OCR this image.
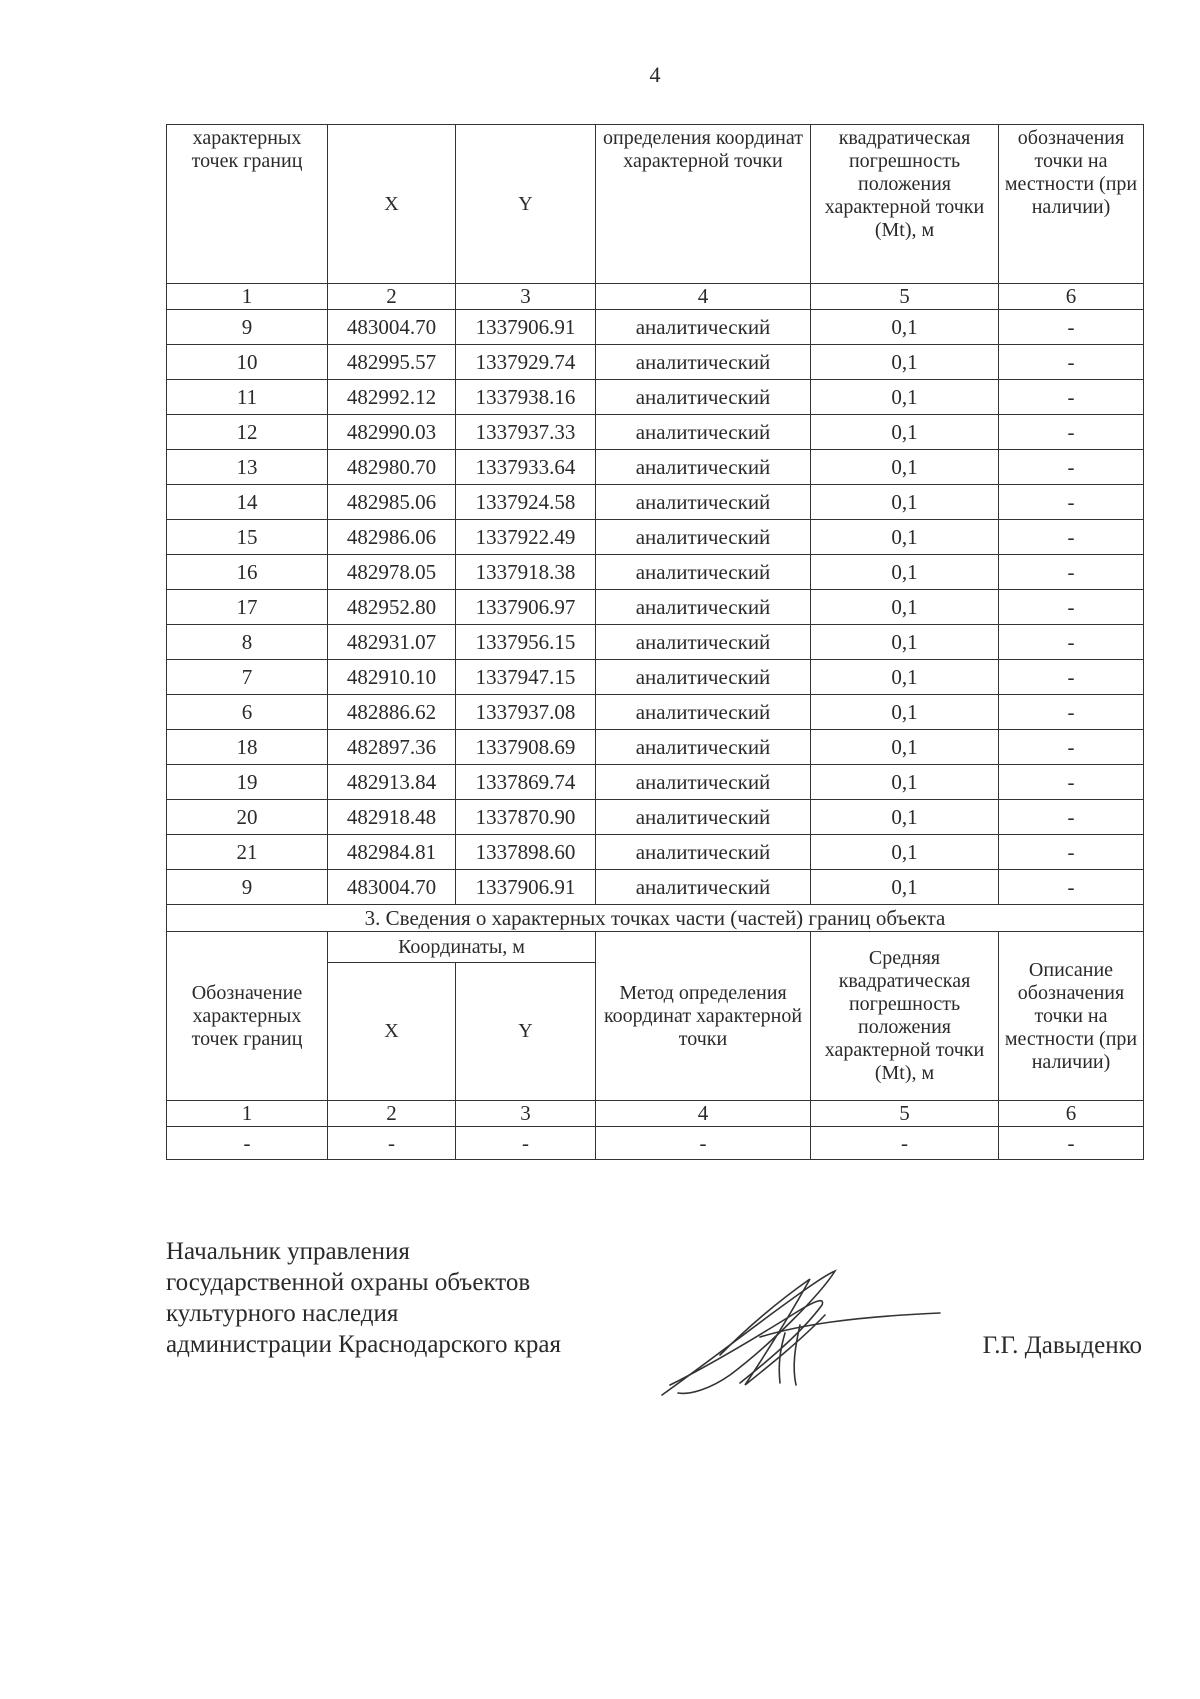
4
характерных точек границ	X	Y	определения координат характерной точки	квадратическая погрешность положения характерной точки (Mt), м	обозначения точки на местности (при наличии)
1	2	3	4	5	6
9	483004.70	1337906.91	аналитический	0,1	-
10	482995.57	1337929.74	аналитический	0,1	-
11	482992.12	1337938.16	аналитический	0,1	-
12	482990.03	1337937.33	аналитический	0,1	-
13	482980.70	1337933.64	аналитический	0,1	-
14	482985.06	1337924.58	аналитический	0,1	-
15	482986.06	1337922.49	аналитический	0,1	-
16	482978.05	1337918.38	аналитический	0,1	-
17	482952.80	1337906.97	аналитический	0,1	-
8	482931.07	1337956.15	аналитический	0,1	-
7	482910.10	1337947.15	аналитический	0,1	-
6	482886.62	1337937.08	аналитический	0,1	-
18	482897.36	1337908.69	аналитический	0,1	-
19	482913.84	1337869.74	аналитический	0,1	-
20	482918.48	1337870.90	аналитический	0,1	-
21	482984.81	1337898.60	аналитический	0,1	-
9	483004.70	1337906.91	аналитический	0,1	-
3. Сведения о характерных точках части (частей) границ объекта					
Обозначение характерных точек границ	Координаты, м		Метод определения координат характерной точки	Средняя квадратическая погрешность положения характерной точки (Mt), м	Описание обозначения точки на местности (при наличии)
	X	Y			
1	2	3	4	5	6
-	-	-	-	-	-
Начальник управления
государственной охраны объектов
культурного наследия
администрации Краснодарского края	Г.Г. Давыденко
